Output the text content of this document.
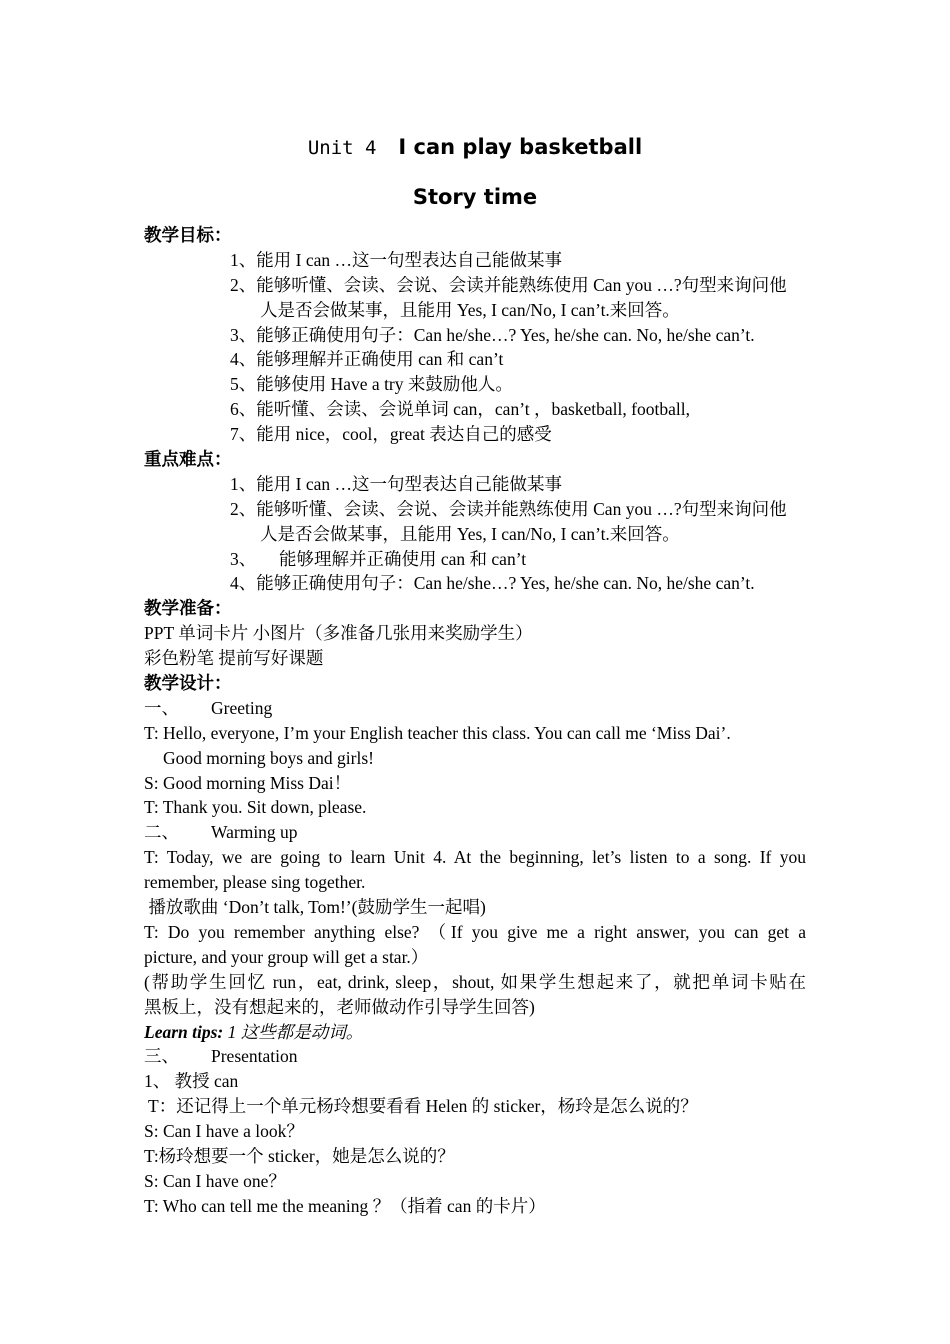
Unit 4 I can play basketball
Story time
教学目标：
1、能用 I can …这一句型表达自己能做某事
2、能够听懂、会读、会说、会读并能熟练使用 Can you …?句型来询问他
人是否会做某事，且能用 Yes, I can/No, I can’t.来回答。
3、能够正确使用句子：Can he/she…? Yes, he/she can. No, he/she can’t.
4、能够理解并正确使用 can 和 can’t
5、能够使用 Have a try 来鼓励他人。
6、能听懂、会读、会说单词 can，can’t ，basketball, football,
7、能用 nice，cool，great 表达自己的感受
重点难点：
1、能用 I can …这一句型表达自己能做某事
2、能够听懂、会读、会说、会读并能熟练使用 Can you …?句型来询问他
人是否会做某事，且能用 Yes, I can/No, I can’t.来回答。
3、 能够理解并正确使用 can 和 can’t
4、能够正确使用句子：Can he/she…? Yes, he/she can. No, he/she can’t.
教学准备：
PPT 单词卡片 小图片（多准备几张用来奖励学生）
彩色粉笔 提前写好课题
教学设计：
一、 Greeting
T: Hello, everyone, I’m your English teacher this class. You can call me ‘Miss Dai’.
Good morning boys and girls!
S: Good morning Miss Dai！
T: Thank you. Sit down, please.
二、 Warming up
T: Today, we are going to learn Unit 4. At the beginning, let’s listen to a song. If you
remember, please sing together.
播放歌曲 ‘Don’t talk, Tom!’(鼓励学生一起唱)
T: Do you remember anything else? （If you give me a right answer, you can get a
picture, and your group will get a star.）
(帮助学生回忆 run，eat, drink, sleep，shout, 如果学生想起来了，就把单词卡贴在
黑板上，没有想起来的，老师做动作引导学生回答)
Learn tips: 1 这些都是动词。
三、 Presentation
1、 教授 can
T：还记得上一个单元杨玲想要看看 Helen 的 sticker，杨玲是怎么说的？
S: Can I have a look？
T:杨玲想要一个 sticker，她是怎么说的？
S: Can I have one？
T: Who can tell me the meaning ？（指着 can 的卡片）
